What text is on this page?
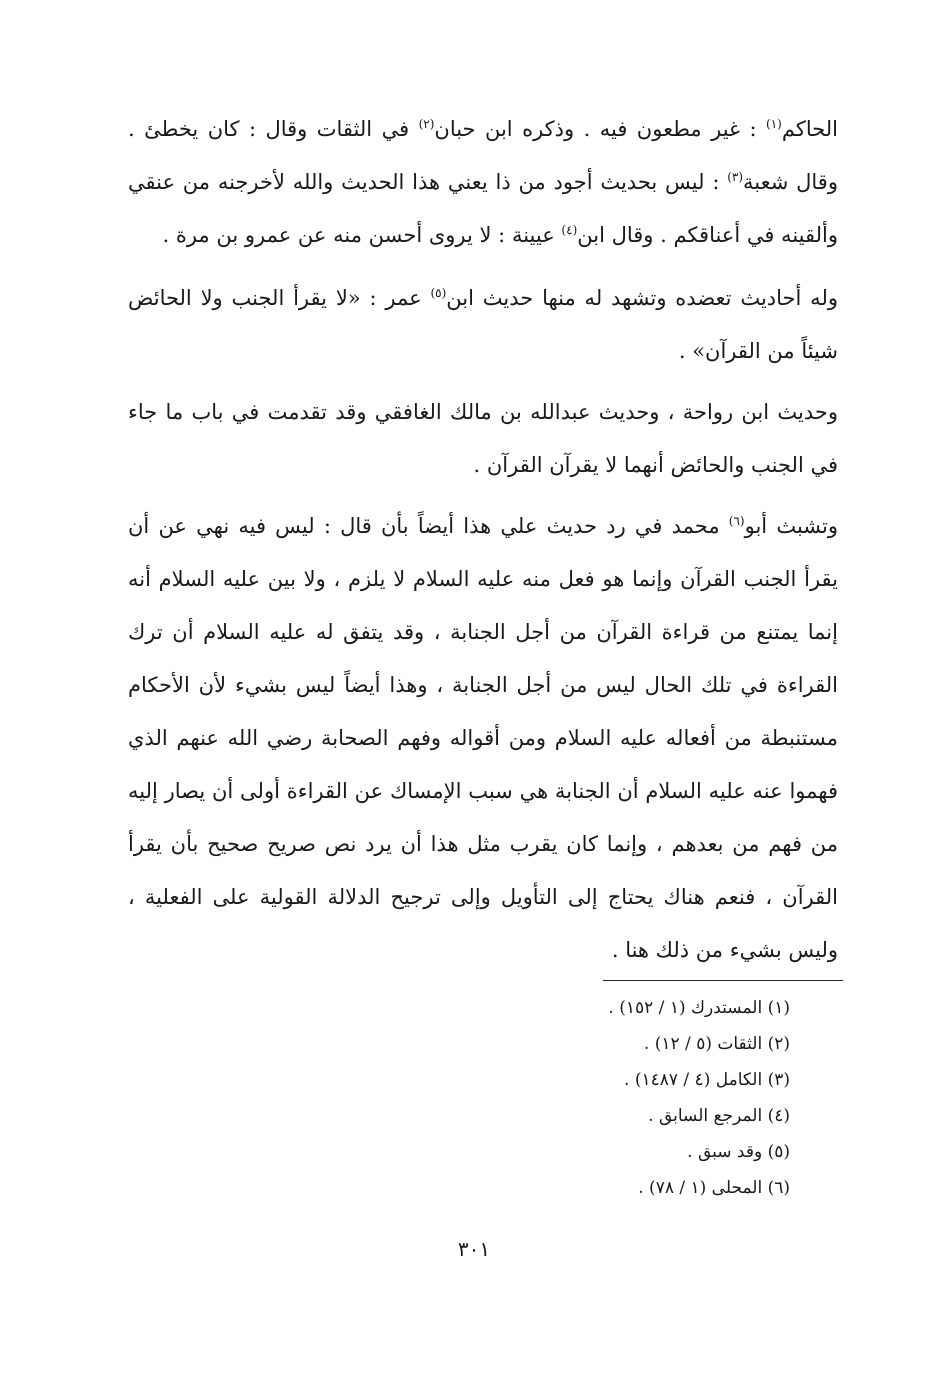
الحاكم$^{(١)}$ : غير مطعون فيه . وذكره ابن حبان$^{(٢)}$ في الثقات وقال : كان يخطئ . وقال شعبة$^{(٣)}$ : ليس بحديث أجود من ذا يعني هذا الحديث والله لأخرجنه من عنقي وألقينه في أعناقكم . وقال ابن$^{(٤)}$ عيينة : لا يروى أحسن منه عن عمرو بن مرة .

وله أحاديث تعضده وتشهد له منها حديث ابن$^{(٥)}$ عمر : «لا يقرأ الجنب ولا الحائض شيئاً من القرآن» .

وحديث ابن رواحة ، وحديث عبدالله بن مالك الغافقي وقد تقدمت في باب ما جاء في الجنب والحائض أنهما لا يقرآن القرآن .

وتشبث أبو$^{(٦)}$ محمد في رد حديث علي هذا أيضاً بأن قال : ليس فيه نهي عن أن يقرأ الجنب القرآن وإنما هو فعل منه عليه السلام لا يلزم ، ولا بين عليه السلام أنه إنما يمتنع من قراءة القرآن من أجل الجنابة ، وقد يتفق له عليه السلام أن ترك القراءة في تلك الحال ليس من أجل الجنابة ، وهذا أيضاً ليس بشيء لأن الأحكام مستنبطة من أفعاله عليه السلام ومن أقواله وفهم الصحابة رضي الله عنهم الذي فهموا عنه عليه السلام أن الجنابة هي سبب الإمساك عن القراءة أولى أن يصار إليه من فهم من بعدهم ، وإنما كان يقرب مثل هذا أن يرد نص صريح صحيح بأن يقرأ القرآن ، فنعم هناك يحتاج إلى التأويل وإلى ترجيح الدلالة القولية على الفعلية ، وليس بشيء من ذلك هنا .

(١) المستدرك (١ / ١٥٢) .
(٢) الثقات (٥ / ١٢) .
(٣) الكامل (٤ / ١٤٨٧) .
(٤) المرجع السابق .
(٥) وقد سبق .
(٦) المحلى (١ / ٧٨) .
٣٠١
